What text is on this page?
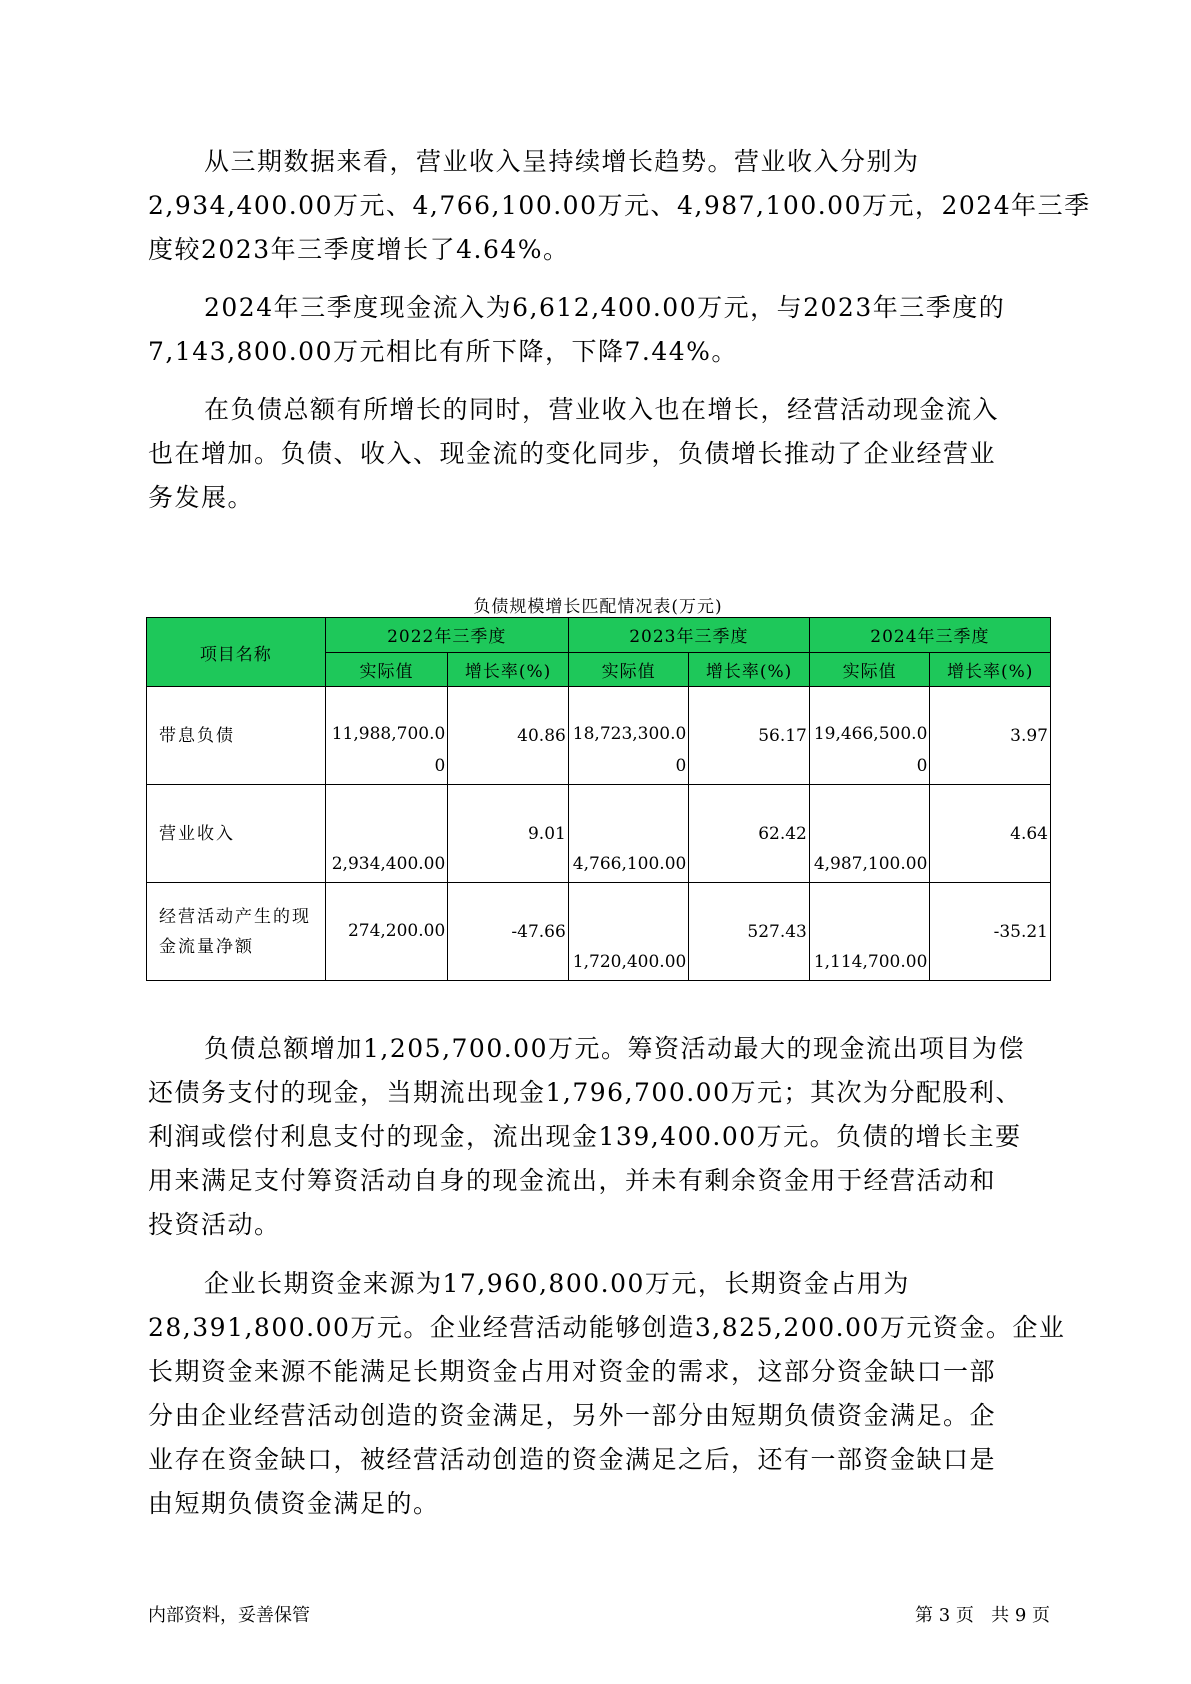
从三期数据来看，营业收入呈持续增长趋势。营业收入分别为
2,934,400.00万元、4,766,100.00万元、4,987,100.00万元，2024年三季
度较2023年三季度增长了4.64%。
2024年三季度现金流入为6,612,400.00万元，与2023年三季度的
7,143,800.00万元相比有所下降，下降7.44%。
在负债总额有所增长的同时，营业收入也在增长，经营活动现金流入
也在增加。负债、收入、现金流的变化同步，负债增长推动了企业经营业
务发展。
负债规模增长匹配情况表(万元)
项目名称	2022年三季度		2023年三季度		2024年三季度	
	实际值	增长率(%)	实际值	增长率(%)	实际值	增长率(%)
带息负债	11,988,700.00	40.86	18,723,300.00	56.17	19,466,500.00	3.97
营业收入	2,934,400.00	9.01	4,766,100.00	62.42	4,987,100.00	4.64
经营活动产生的现金流量净额	274,200.00	-47.66	1,720,400.00	527.43	1,114,700.00	-35.21
负债总额增加1,205,700.00万元。筹资活动最大的现金流出项目为偿
还债务支付的现金，当期流出现金1,796,700.00万元；其次为分配股利、
利润或偿付利息支付的现金，流出现金139,400.00万元。负债的增长主要
用来满足支付筹资活动自身的现金流出，并未有剩余资金用于经营活动和
投资活动。
企业长期资金来源为17,960,800.00万元，长期资金占用为
28,391,800.00万元。企业经营活动能够创造3,825,200.00万元资金。企业
长期资金来源不能满足长期资金占用对资金的需求，这部分资金缺口一部
分由企业经营活动创造的资金满足，另外一部分由短期负债资金满足。企
业存在资金缺口，被经营活动创造的资金满足之后，还有一部资金缺口是
由短期负债资金满足的。
内部资料，妥善保管	第 3 页 共 9 页
